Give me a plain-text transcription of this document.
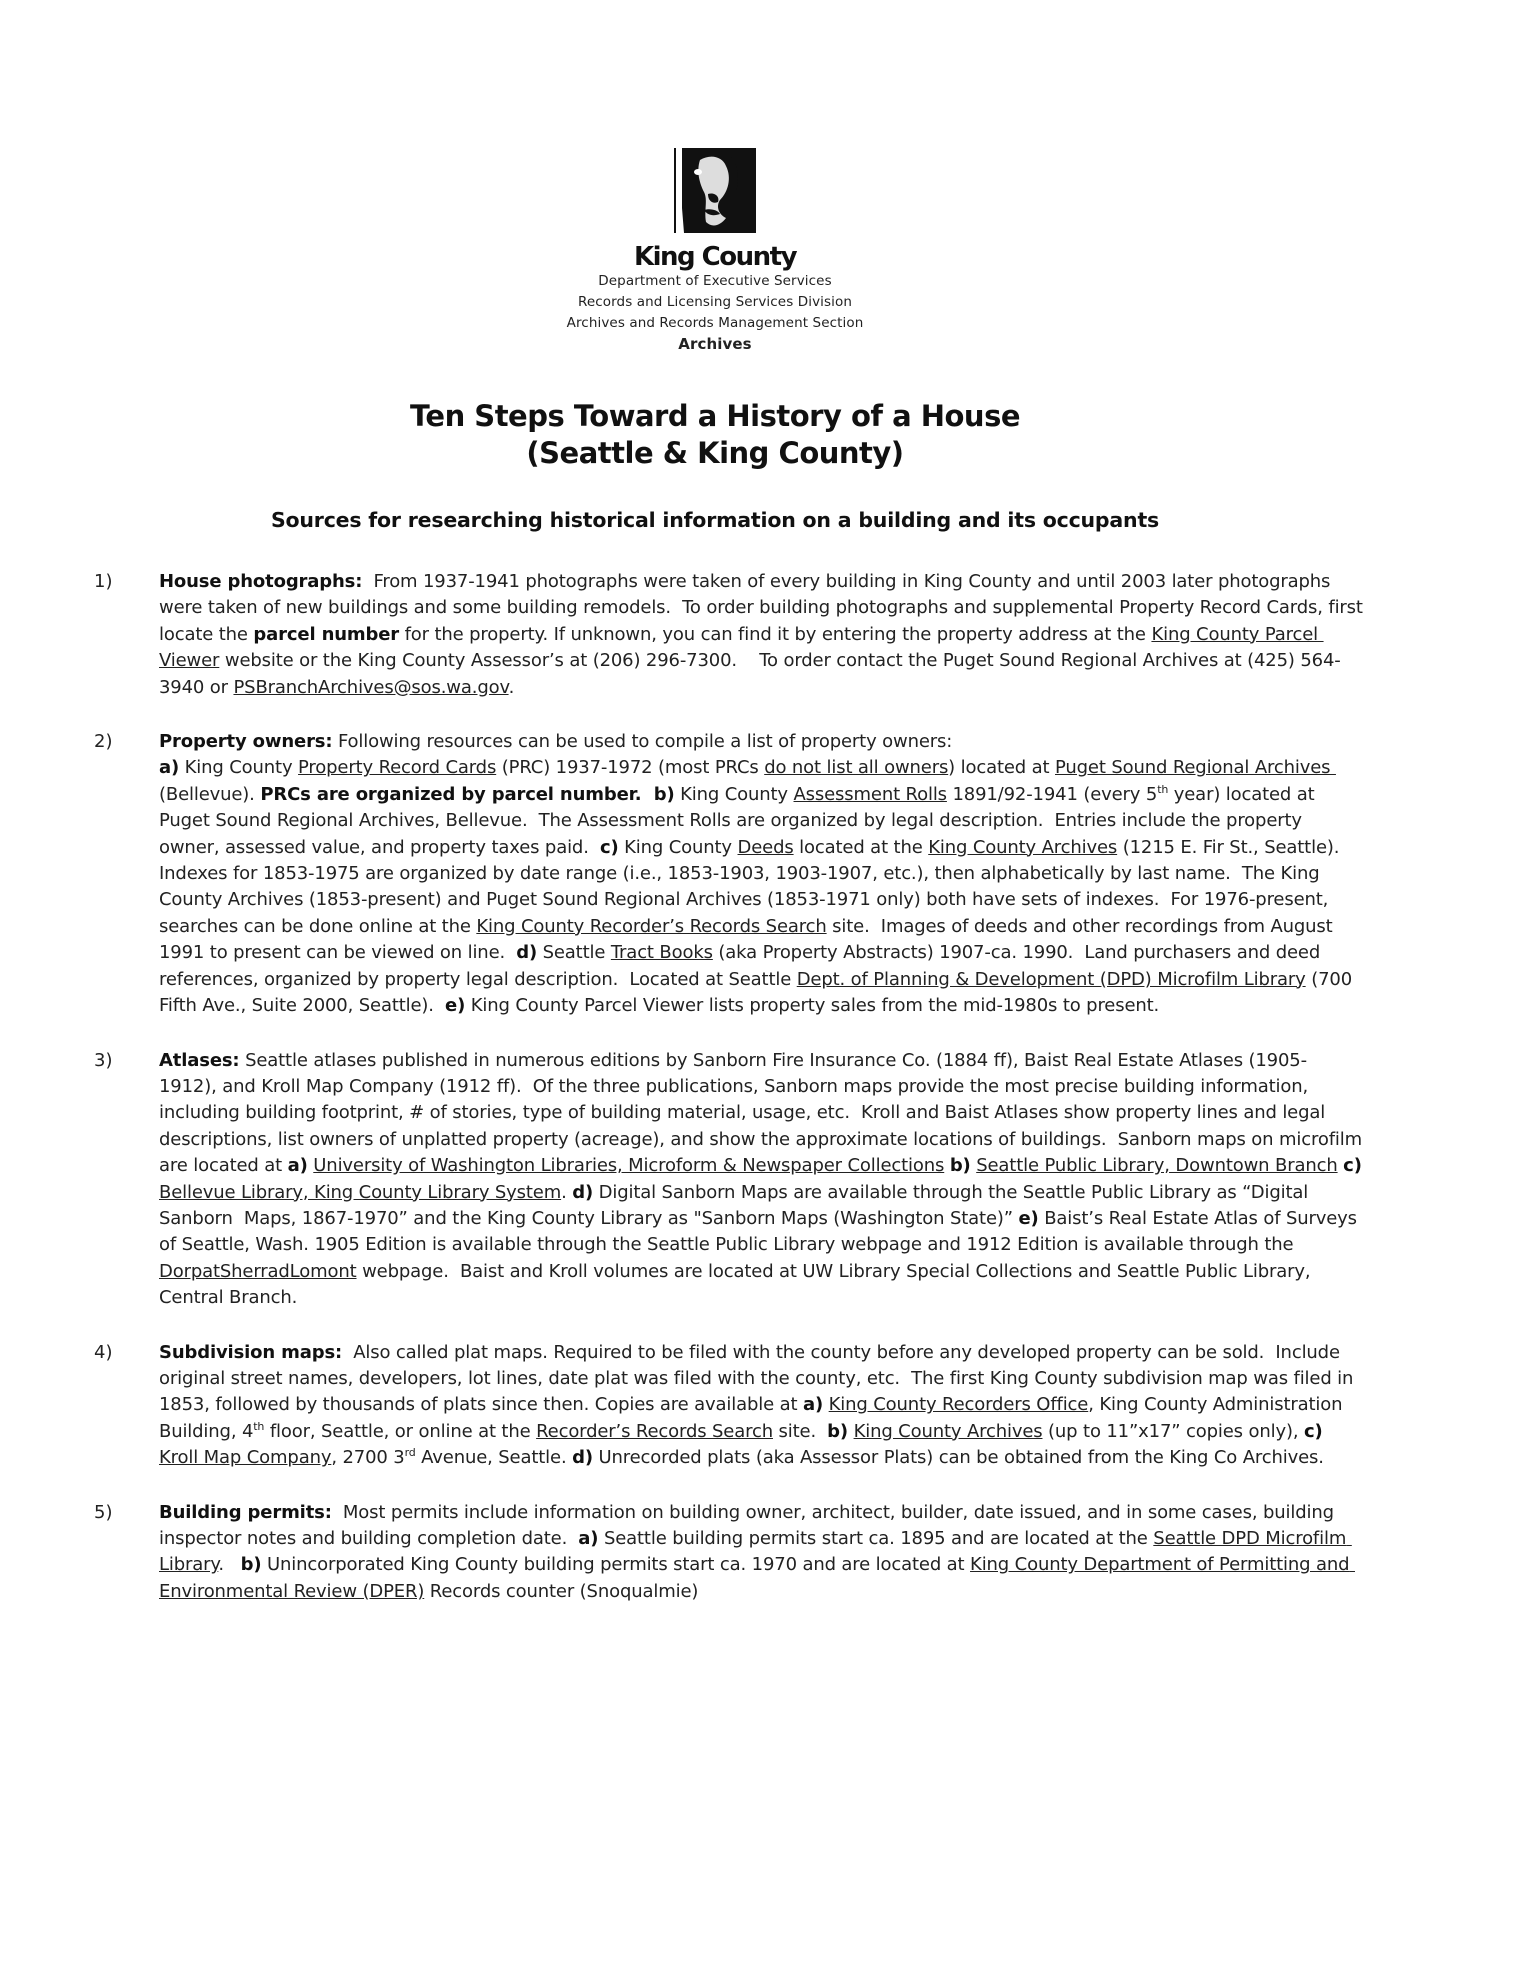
King County
Department of Executive Services
Records and Licensing Services Division
Archives and Records Management Section
Archives
Ten Steps Toward a History of a House
(Seattle & King County)
Sources for researching historical information on a building and its occupants
1)	House photographs:  From 1937-1941 photographs were taken of every building in King County and until 2003 later photographs were taken of new buildings and some building remodels.  To order building photographs and supplemental Property Record Cards, first locate the parcel number for the property. If unknown, you can find it by entering the property address at the King County Parcel Viewer website or the King County Assessor’s at (206) 296-7300.    To order contact the Puget Sound Regional Archives at (425) 564-3940 or PSBranchArchives@sos.wa.gov.
2)	Property owners: Following resources can be used to compile a list of property owners:
a) King County Property Record Cards (PRC) 1937-1972 (most PRCs do not list all owners) located at Puget Sound Regional Archives (Bellevue). PRCs are organized by parcel number.  b) King County Assessment Rolls 1891/92-1941 (every 5th year) located at Puget Sound Regional Archives, Bellevue.  The Assessment Rolls are organized by legal description.  Entries include the property owner, assessed value, and property taxes paid.  c) King County Deeds located at the King County Archives (1215 E. Fir St., Seattle).  Indexes for 1853-1975 are organized by date range (i.e., 1853-1903, 1903-1907, etc.), then alphabetically by last name.  The King County Archives (1853-present) and Puget Sound Regional Archives (1853-1971 only) both have sets of indexes.  For 1976-present, searches can be done online at the King County Recorder’s Records Search site.  Images of deeds and other recordings from August 1991 to present can be viewed on line.  d) Seattle Tract Books (aka Property Abstracts) 1907-ca. 1990.  Land purchasers and deed references, organized by property legal description.  Located at Seattle Dept. of Planning & Development (DPD) Microfilm Library (700 Fifth Ave., Suite 2000, Seattle).  e) King County Parcel Viewer lists property sales from the mid-1980s to present.
3)	Atlases: Seattle atlases published in numerous editions by Sanborn Fire Insurance Co. (1884 ff), Baist Real Estate Atlases (1905-1912), and Kroll Map Company (1912 ff).  Of the three publications, Sanborn maps provide the most precise building information, including building footprint, # of stories, type of building material, usage, etc.  Kroll and Baist Atlases show property lines and legal descriptions, list owners of unplatted property (acreage), and show the approximate locations of buildings.  Sanborn maps on microfilm are located at a) University of Washington Libraries, Microform & Newspaper Collections b) Seattle Public Library, Downtown Branch c)   Bellevue Library, King County Library System. d) Digital Sanborn Maps are available through the Seattle Public Library as “Digital Sanborn  Maps, 1867-1970” and the King County Library as "Sanborn Maps (Washington State)” e) Baist’s Real Estate Atlas of Surveys of Seattle, Wash. 1905 Edition is available through the Seattle Public Library webpage and 1912 Edition is available through the DorpatSherradLomont webpage.  Baist and Kroll volumes are located at UW Library Special Collections and Seattle Public Library, Central Branch.
4)	Subdivision maps:  Also called plat maps. Required to be filed with the county before any developed property can be sold.  Include original street names, developers, lot lines, date plat was filed with the county, etc.  The first King County subdivision map was filed in 1853, followed by thousands of plats since then. Copies are available at a) King County Recorders Office, King County Administration Building, 4th floor, Seattle, or online at the Recorder’s Records Search site.  b) King County Archives (up to 11”x17” copies only), c) Kroll Map Company, 2700 3rd Avenue, Seattle. d) Unrecorded plats (aka Assessor Plats) can be obtained from the King Co Archives.
5)	Building permits:  Most permits include information on building owner, architect, builder, date issued, and in some cases, building inspector notes and building completion date.  a) Seattle building permits start ca. 1895 and are located at the Seattle DPD Microfilm Library.   b) Unincorporated King County building permits start ca. 1970 and are located at King County Department of Permitting and Environmental Review (DPER) Records counter (Snoqualmie)
